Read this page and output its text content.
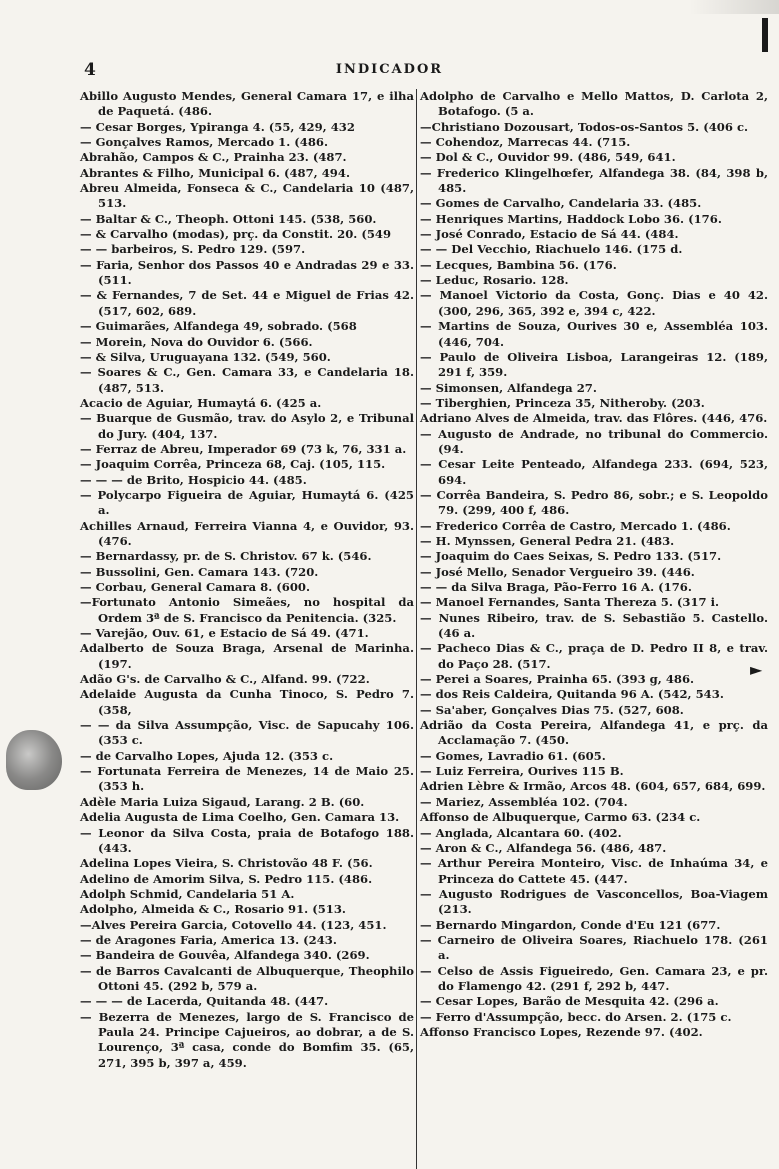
4	INDICADOR

Abillo Augusto Mendes, General Camara 17, e ilha de Paquetá. (486.

— Cesar Borges, Ypiranga 4. (55, 429, 432

— Gonçalves Ramos, Mercado 1. (486.

Abrahão, Campos & C., Prainha 23. (487.

Abrantes & Filho, Municipal 6. (487, 494.

Abreu Almeida, Fonseca & C., Candelaria 10 (487, 513.

— Baltar & C., Theoph. Ottoni 145. (538, 560.

— & Carvalho (modas), prç. da Constit. 20. (549

— — barbeiros, S. Pedro 129. (597.

— Faria, Senhor dos Passos 40 e Andradas 29 e 33. (511.

— & Fernandes, 7 de Set. 44 e Miguel de Frias 42. (517, 602, 689.

— Guimarães, Alfandega 49, sobrado. (568

— Morein, Nova do Ouvidor 6. (566.

— & Silva, Uruguayana 132. (549, 560.

— Soares & C., Gen. Camara 33, e Candelaria 18. (487, 513.

Acacio de Aguiar, Humaytá 6. (425 a.

— Buarque de Gusmão, trav. do Asylo 2, e Tribunal do Jury. (404, 137.

— Ferraz de Abreu, Imperador 69 (73 k, 76, 331 a.

— Joaquim Corrêa, Princeza 68, Caj. (105, 115.

— — — de Brito, Hospicio 44. (485.

— Polycarpo Figueira de Aguiar, Humaytá 6. (425 a.

Achilles Arnaud, Ferreira Vianna 4, e Ouvidor, 93. (476.

— Bernardassy, pr. de S. Christov. 67 k. (546.

— Bussolini, Gen. Camara 143. (720.

— Corbau, General Camara 8. (600.

—Fortunato Antonio Simeães, no hospital da Ordem 3ª de S. Francisco da Penitencia. (325.

— Varejão, Ouv. 61, e Estacio de Sá 49. (471.

Adalberto de Souza Braga, Arsenal de Marinha. (197.

Adão G's. de Carvalho & C., Alfand. 99. (722.

Adelaide Augusta da Cunha Tinoco, S. Pedro 7. (358,

— — da Silva Assumpção, Visc. de Sapucahy 106. (353 c.

— de Carvalho Lopes, Ajuda 12. (353 c.

— Fortunata Ferreira de Menezes, 14 de Maio 25. (353 h.

Adèle Maria Luiza Sigaud, Larang. 2 B. (60.

Adelia Augusta de Lima Coelho, Gen. Camara 13.

— Leonor da Silva Costa, praia de Botafogo 188. (443.

Adelina Lopes Vieira, S. Christovão 48 F. (56.

Adelino de Amorim Silva, S. Pedro 115. (486.

Adolph Schmid, Candelaria 51 A.

Adolpho, Almeida & C., Rosario 91. (513.

—Alves Pereira Garcia, Cotovello 44. (123, 451.

— de Aragones Faria, America 13. (243.

— Bandeira de Gouvêa, Alfandega 340. (269.

— de Barros Cavalcanti de Albuquerque, Theophilo Ottoni 45. (292 b, 579 a.

— — — de Lacerda, Quitanda 48. (447.

— Bezerra de Menezes, largo de S. Francisco de Paula 24. Principe Cajueiros, ao dobrar, a de S. Lourenço, 3ª casa, conde do Bomfim 35. (65, 271, 395 b, 397 a, 459.

Adolpho de Carvalho e Mello Mattos, D. Carlota 2, Botafogo. (5 a.

—Christiano Dozousart, Todos-os-Santos 5. (406 c.

— Cohendoz, Marrecas 44. (715.

— Dol & C., Ouvidor 99. (486, 549, 641.

— Frederico Klingelhœfer, Alfandega 38. (84, 398 b, 485.

— Gomes de Carvalho, Candelaria 33. (485.

— Henriques Martins, Haddock Lobo 36. (176.

— José Conrado, Estacio de Sá 44. (484.

— — Del Vecchio, Riachuelo 146. (175 d.

— Lecques, Bambina 56. (176.

— Leduc, Rosario. 128.

— Manoel Victorio da Costa, Gonç. Dias e 40 42. (300, 296, 365, 392 e, 394 c, 422.

— Martins de Souza, Ourives 30 e, Assembléa 103. (446, 704.

— Paulo de Oliveira Lisboa, Larangeiras 12. (189, 291 f, 359.

— Simonsen, Alfandega 27.

— Tiberghien, Princeza 35, Nitheroby. (203.

Adriano Alves de Almeida, trav. das Flôres. (446, 476.

— Augusto de Andrade, no tribunal do Commercio. (94.

— Cesar Leite Penteado, Alfandega 233. (694, 523, 694.

— Corrêa Bandeira, S. Pedro 86, sobr.; e S. Leopoldo 79. (299, 400 f, 486.

— Frederico Corrêa de Castro, Mercado 1. (486.

— H. Mynssen, General Pedra 21. (483.

— Joaquim do Caes Seixas, S. Pedro 133. (517.

— José Mello, Senador Vergueiro 39. (446.

— — da Silva Braga, Pão-Ferro 16 A. (176.

— Manoel Fernandes, Santa Thereza 5. (317 i.

— Nunes Ribeiro, trav. de S. Sebastião 5. Castello. (46 a.

— Pacheco Dias & C., praça de D. Pedro II 8, e trav. do Paço 28. (517.

— Perei a Soares, Prainha 65. (393 g, 486.

— dos Reis Caldeira, Quitanda 96 A. (542, 543.

— Sa'aber, Gonçalves Dias 75. (527, 608.

Adrião da Costa Pereira, Alfandega 41, e prç. da Acclamação 7. (450.

— Gomes, Lavradio 61. (605.

— Luiz Ferreira, Ourives 115 B.

Adrien Lèbre & Irmão, Arcos 48. (604, 657, 684, 699.

— Mariez, Assembléa 102. (704.

Affonso de Albuquerque, Carmo 63. (234 c.

— Anglada, Alcantara 60. (402.

— Aron & C., Alfandega 56. (486, 487.

— Arthur Pereira Monteiro, Visc. de Inhaúma 34, e Princeza do Cattete 45. (447.

— Augusto Rodrigues de Vasconcellos, Boa-Viagem (213.

— Bernardo Mingardon, Conde d'Eu 121 (677.

— Carneiro de Oliveira Soares, Riachuelo 178. (261 a.

— Celso de Assis Figueiredo, Gen. Camara 23, e pr. do Flamengo 42. (291 f, 292 b, 447.

— Cesar Lopes, Barão de Mesquita 42. (296 a.

— Ferro d'Assumpção, becc. do Arsen. 2. (175 c.

Affonso Francisco Lopes, Rezende 97. (402.

►
